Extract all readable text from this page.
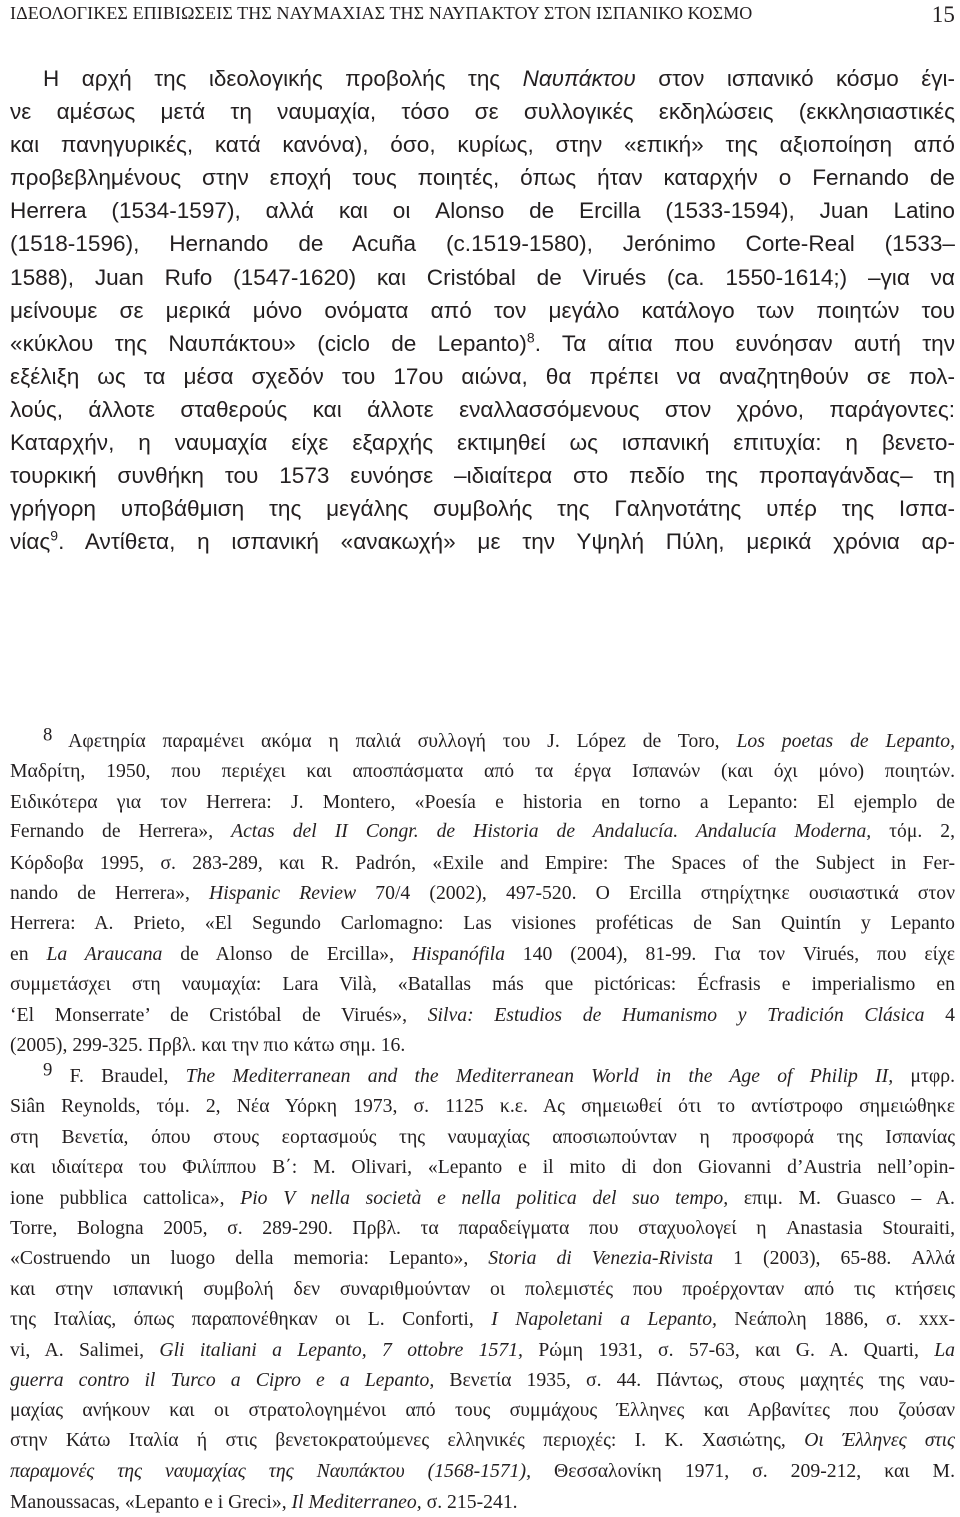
ΙΔΕΟΛΟΓΙΚΕΣ ΕΠΙΒΙΩΣΕΙΣ ΤΗΣ ΝΑΥΜΑΧΙΑΣ ΤΗΣ ΝΑΥΠΑΚΤΟΥ ΣΤΟΝ ΙΣΠΑΝΙΚΟ ΚΟΣΜΟ	15
Η αρχή της ιδεολογικής προβολής της Ναυπάκτου στον ισπανικό κόσμο έγι-
νε αμέσως μετά τη ναυμαχία, τόσο σε συλλογικές εκδηλώσεις (εκκλησιαστικές
και πανηγυρικές, κατά κανόνα), όσο, κυρίως, στην «επική» της αξιοποίηση από
προβεβλημένους στην εποχή τους ποιητές, όπως ήταν καταρχήν ο Fernando de
Herrera (1534-1597), αλλά και οι Alonso de Ercilla (1533-1594), Juan Latino
(1518-1596), Hernando de Acuña (c.1519-1580), Jerónimo Corte-Real (1533–
1588), Juan Rufo (1547-1620) και Cristóbal de Virués (ca. 1550-1614;) –για να
μείνουμε σε μερικά μόνο ονόματα από τον μεγάλο κατάλογο των ποιητών του
«κύκλου της Ναυπάκτου» (ciclo de Lepanto)$^8$. Τα αίτια που ευνόησαν αυτή την
εξέλιξη ως τα μέσα σχεδόν του 17ου αιώνα, θα πρέπει να αναζητηθούν σε πολ-
λούς, άλλοτε σταθερούς και άλλοτε εναλλασσόμενους στον χρόνο, παράγοντες:
Καταρχήν, η ναυμαχία είχε εξαρχής εκτιμηθεί ως ισπανική επιτυχία: η βενετο-
τουρκική συνθήκη του 1573 ευνόησε –ιδιαίτερα στο πεδίο της προπαγάνδας– τη
γρήγορη υποβάθμιση της μεγάλης συμβολής της Γαληνοτάτης υπέρ της Ισπα-
νίας$^9$. Αντίθετα, η ισπανική «ανακωχή» με την Υψηλή Πύλη, μερικά χρόνια αρ-
$^8$ Αφετηρία παραμένει ακόμα η παλιά συλλογή του J. López de Toro, Los poetas de Lepanto,
Μαδρίτη, 1950, που περιέχει και αποσπάσματα από τα έργα Ισπανών (και όχι μόνο) ποιητών.
Ειδικότερα για τον Herrera: J. Montero, «Poesía e historia en torno a Lepanto: El ejemplo de
Fernando de Herrera», Actas del II Congr. de Historia de Andalucía. Andalucía Moderna, τόμ. 2,
Κόρδοβα 1995, σ. 283-289, και R. Padrón, «Exile and Empire: The Spaces of the Subject in Fer-
nando de Herrera», Hispanic Review 70/4 (2002), 497-520. Ο Ercilla στηρίχτηκε ουσιαστικά στον
Herrera: A. Prieto, «El Segundo Carlomagno: Las visiones proféticas de San Quintín y Lepanto
en La Araucana de Alonso de Ercilla», Hispanófila 140 (2004), 81-99. Για τον Virués, που είχε
συμμετάσχει στη ναυμαχία: Lara Vilà, «Batallas más que pictóricas: Écfrasis e imperialismo en
‘El Monserrate’ de Cristóbal de Virués», Silva: Estudios de Humanismo y Tradición Clásica 4
(2005), 299-325. Πρβλ. και την πιο κάτω σημ. 16.
$^9$ F. Braudel, The Mediterranean and the Mediterranean World in the Age of Philip II, μτφρ.
Siân Reynolds, τόμ. 2, Νέα Υόρκη 1973, σ. 1125 κ.ε. Ας σημειωθεί ότι το αντίστροφο σημειώθηκε
στη Βενετία, όπου στους εορτασμούς της ναυμαχίας αποσιωπούνταν η προσφορά της Ισπανίας
και ιδιαίτερα του Φιλίππου Β΄: M. Olivari, «Lepanto e il mito di don Giovanni d’Austria nell’opin-
ione pubblica cattolica», Pio V nella società e nella politica del suo tempo, επιμ. M. Guasco – A.
Torre, Bologna 2005, σ. 289-290. Πρβλ. τα παραδείγματα που σταχυολογεί η Anastasia Stouraiti,
«Costruendo un luogo della memoria: Lepanto», Storia di Venezia-Rivista 1 (2003), 65-88. Αλλά
και στην ισπανική συμβολή δεν συναριθμούνταν οι πολεμιστές που προέρχονταν από τις κτήσεις
της Ιταλίας, όπως παραπονέθηκαν οι L. Conforti, I Napoletani a Lepanto, Νεάπολη 1886, σ. xxx-
vi, A. Salimei, Gli italiani a Lepanto, 7 ottobre 1571, Ρώμη 1931, σ. 57-63, και G. A. Quarti, La
guerra contro il Turco a Cipro e a Lepanto, Βενετία 1935, σ. 44. Πάντως, στους μαχητές της ναυ-
μαχίας ανήκουν και οι στρατολογημένοι από τους συμμάχους Έλληνες και Αρβανίτες που ζούσαν
στην Κάτω Ιταλία ή στις βενετοκρατούμενες ελληνικές περιοχές: Ι. Κ. Χασιώτης, Οι Έλληνες στις
παραμονές της ναυμαχίας της Ναυπάκτου (1568-1571), Θεσσαλονίκη 1971, σ. 209-212, και M.
Manoussacas, «Lepanto e i Greci», Il Mediterraneo, σ. 215-241.
